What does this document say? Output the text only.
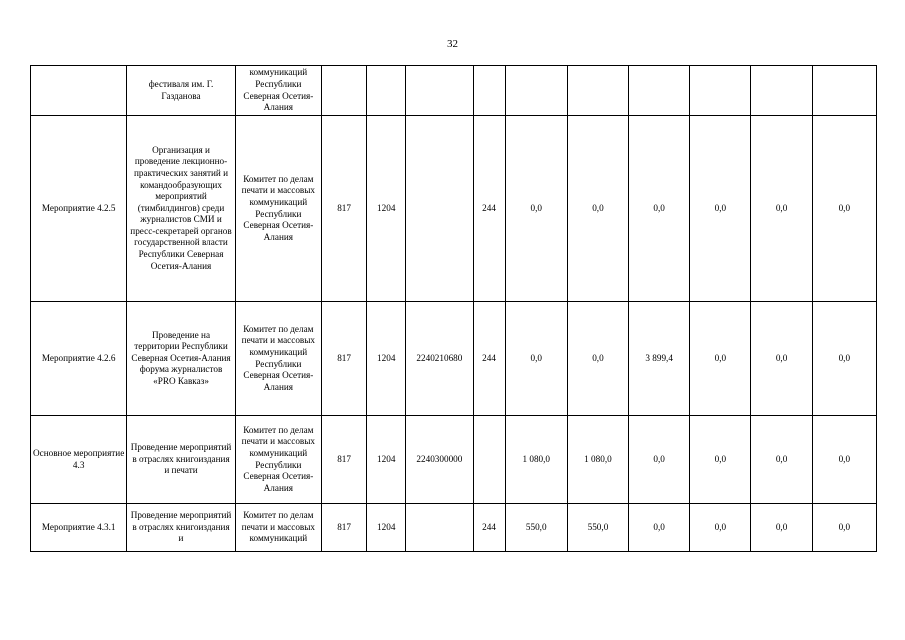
32
	фестиваля им. Г. Газданова	коммуникаций Республики Северная Осетия-Алания										
Мероприятие 4.2.5	Организация и проведение лекционно-практических занятий и командообразующих мероприятий (тимбилдингов) среди журналистов СМИ и пресс-секретарей органов государственной власти Республики Северная Осетия-Алания	Комитет по делам печати и массовых коммуникаций Республики Северная Осетия-Алания	817	1204		244	0,0	0,0	0,0	0,0	0,0	0,0
Мероприятие 4.2.6	Проведение на территории Республики Северная Осетия-Алания форума журналистов «PRO Кавказ»	Комитет по делам печати и массовых коммуникаций Республики Северная Осетия-Алания	817	1204	2240210680	244	0,0	0,0	3 899,4	0,0	0,0	0,0
Основное мероприятие 4.3	Проведение мероприятий в отраслях книгоиздания и печати	Комитет по делам печати и массовых коммуникаций Республики Северная Осетия-Алания	817	1204	2240300000		1 080,0	1 080,0	0,0	0,0	0,0	0,0
Мероприятие 4.3.1	Проведение мероприятий в отраслях книгоиздания и	Комитет по делам печати и массовых коммуникаций	817	1204		244	550,0	550,0	0,0	0,0	0,0	0,0
